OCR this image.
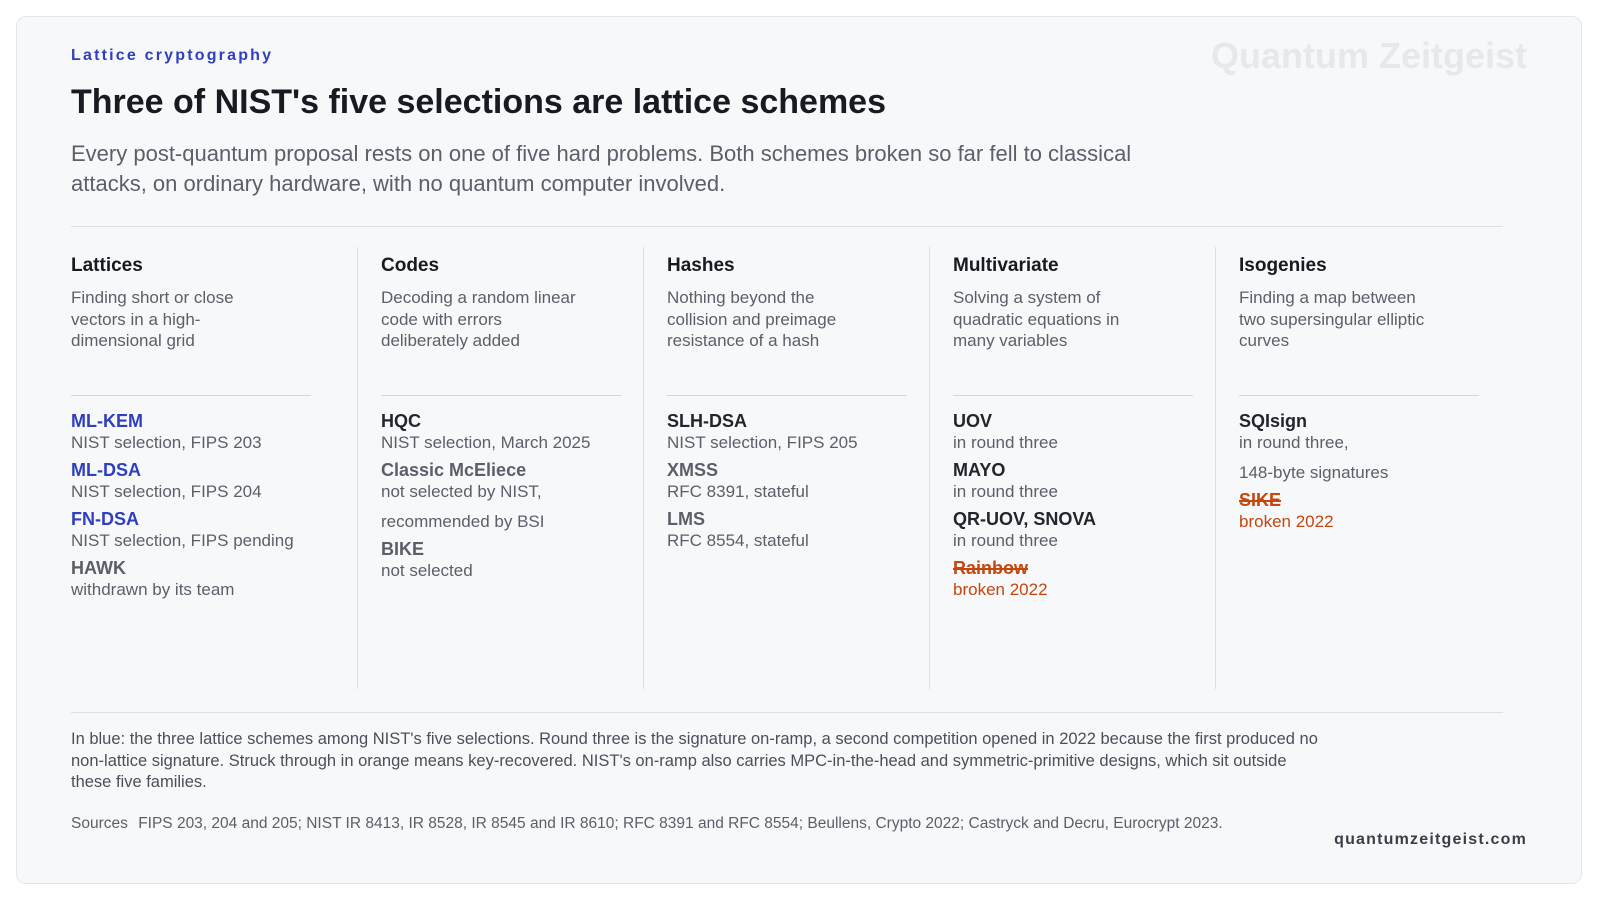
Lattice cryptography	Quantum Zeitgeist
Three of NIST's five selections are lattice schemes

Every post-quantum proposal rests on one of five hard problems. Both schemes broken so far fell to classical attacks, on ordinary hardware, with no quantum computer involved.

Lattices
Finding short or close vectors in a high-dimensional grid
ML-KEM
NIST selection, FIPS 203
ML-DSA
NIST selection, FIPS 204
FN-DSA
NIST selection, FIPS pending
HAWK
withdrawn by its team
Codes
Decoding a random linear code with errors deliberately added
HQC
NIST selection, March 2025
Classic McEliece
not selected by NIST,
recommended by BSI
BIKE
not selected
Hashes
Nothing beyond the collision and preimage resistance of a hash
SLH-DSA
NIST selection, FIPS 205
XMSS
RFC 8391, stateful
LMS
RFC 8554, stateful
Multivariate
Solving a system of quadratic equations in many variables
UOV
in round three
MAYO
in round three
QR-UOV, SNOVA
in round three
Rainbow
broken 2022
Isogenies
Finding a map between two supersingular elliptic curves
SQIsign
in round three,
148-byte signatures
SIKE
broken 2022

In blue: the three lattice schemes among NIST's five selections. Round three is the signature on-ramp, a second competition opened in 2022 because the first produced no non-lattice signature. Struck through in orange means key-recovered. NIST's on-ramp also carries MPC-in-the-head and symmetric-primitive designs, which sit outside these five families.

Sources FIPS 203, 204 and 205; NIST IR 8413, IR 8528, IR 8545 and IR 8610; RFC 8391 and RFC 8554; Beullens, Crypto 2022; Castryck and Decru, Eurocrypt 2023.
quantumzeitgeist.com
